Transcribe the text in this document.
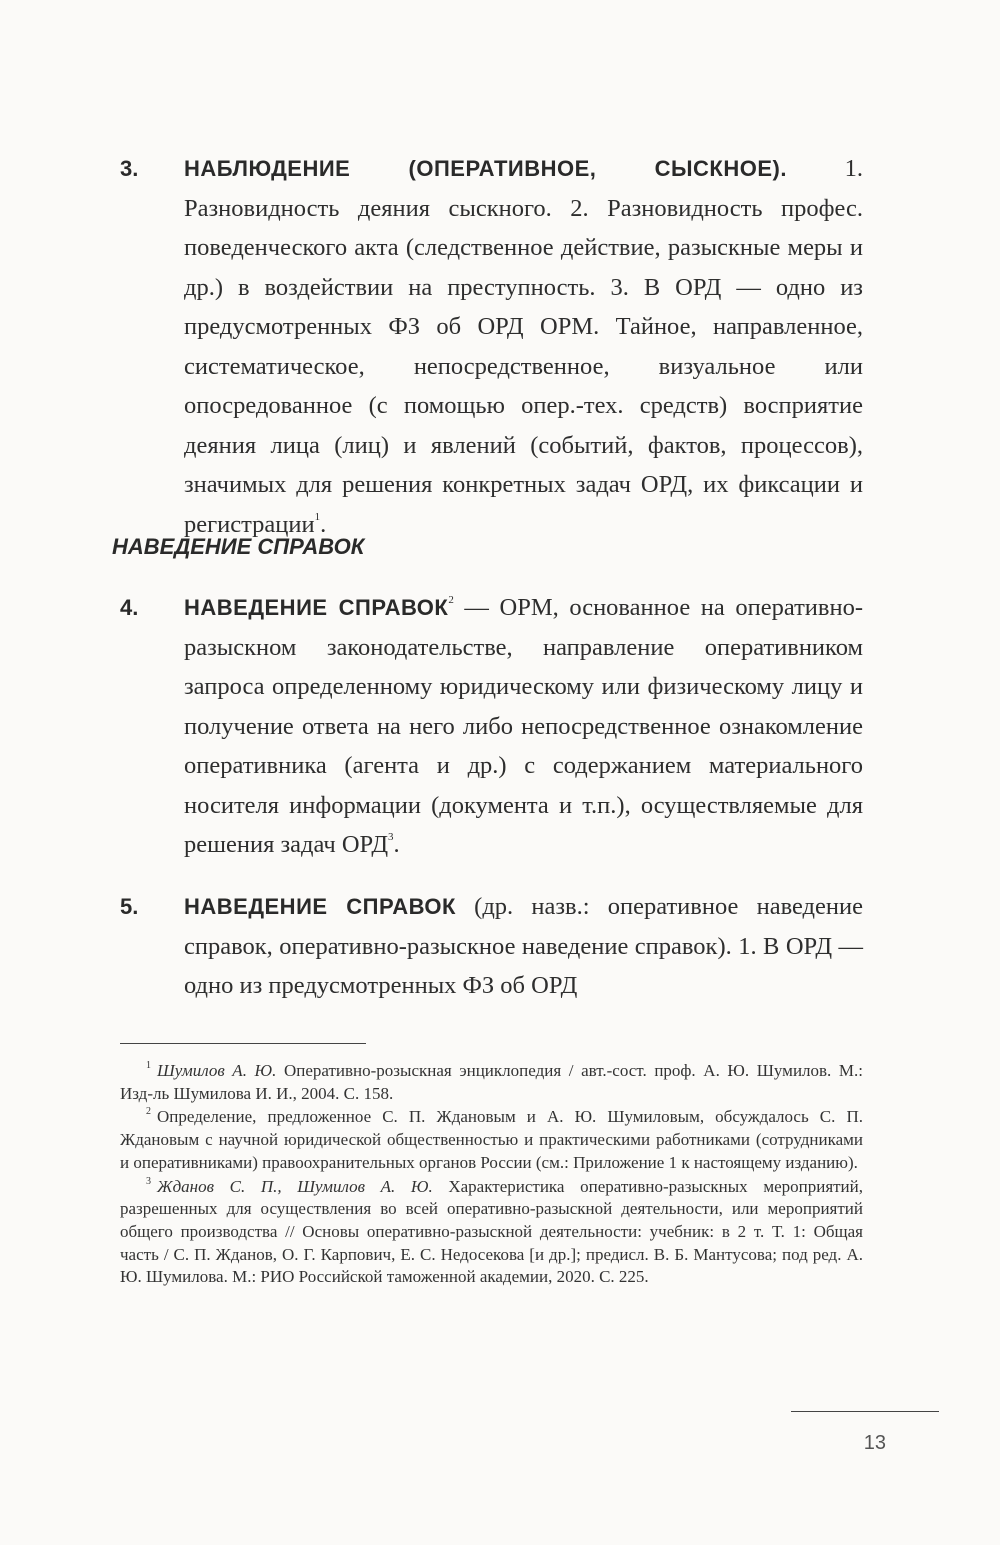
3. НАБЛЮДЕНИЕ (ОПЕРАТИВНОЕ, СЫСКНОЕ). 1. Разновидность деяния сыскного. 2. Разновидность профес. поведенческого акта (следственное действие, разыскные меры и др.) в воздействии на преступность. 3. В ОРД — одно из предусмотренных ФЗ об ОРД ОРМ. Тайное, направленное, систематическое, непосредственное, визуальное или опосредованное (с помощью опер.-тех. средств) восприятие деяния лица (лиц) и явлений (событий, фактов, процессов), значимых для решения конкретных задач ОРД, их фиксации и регистрации$^1$.
НАВЕДЕНИЕ СПРАВОК
4. НАВЕДЕНИЕ СПРАВОК$^2$ — ОРМ, основанное на оперативно-разыскном законодательстве, направление оперативником запроса определенному юридическому или физическому лицу и получение ответа на него либо непосредственное ознакомление оперативника (агента и др.) с содержанием материального носителя информации (документа и т.п.), осуществляемые для решения задач ОРД$^3$.
5. НАВЕДЕНИЕ СПРАВОК (др. назв.: оперативное наведение справок, оперативно-разыскное наведение справок). 1. В ОРД — одно из предусмотренных ФЗ об ОРД
$^1$ Шумилов А. Ю. Оперативно-розыскная энциклопедия / авт.-сост. проф. А. Ю. Шумилов. М.: Изд-ль Шумилова И. И., 2004. С. 158.
$^2$ Определение, предложенное С. П. Ждановым и А. Ю. Шумиловым, обсуждалось С. П. Ждановым с научной юридической общественностью и практическими работниками (сотрудниками и оперативниками) правоохранительных органов России (см.: Приложение 1 к настоящему изданию).
$^3$ Жданов С. П., Шумилов А. Ю. Характеристика оперативно-разыскных мероприятий, разрешенных для осуществления во всей оперативно-разыскной деятельности, или мероприятий общего производства // Основы оперативно-разыскной деятельности: учебник: в 2 т. Т. 1: Общая часть / С. П. Жданов, О. Г. Карпович, Е. С. Недосекова [и др.]; предисл. В. Б. Мантусова; под ред. А. Ю. Шумилова. М.: РИО Российской таможенной академии, 2020. С. 225.
13
